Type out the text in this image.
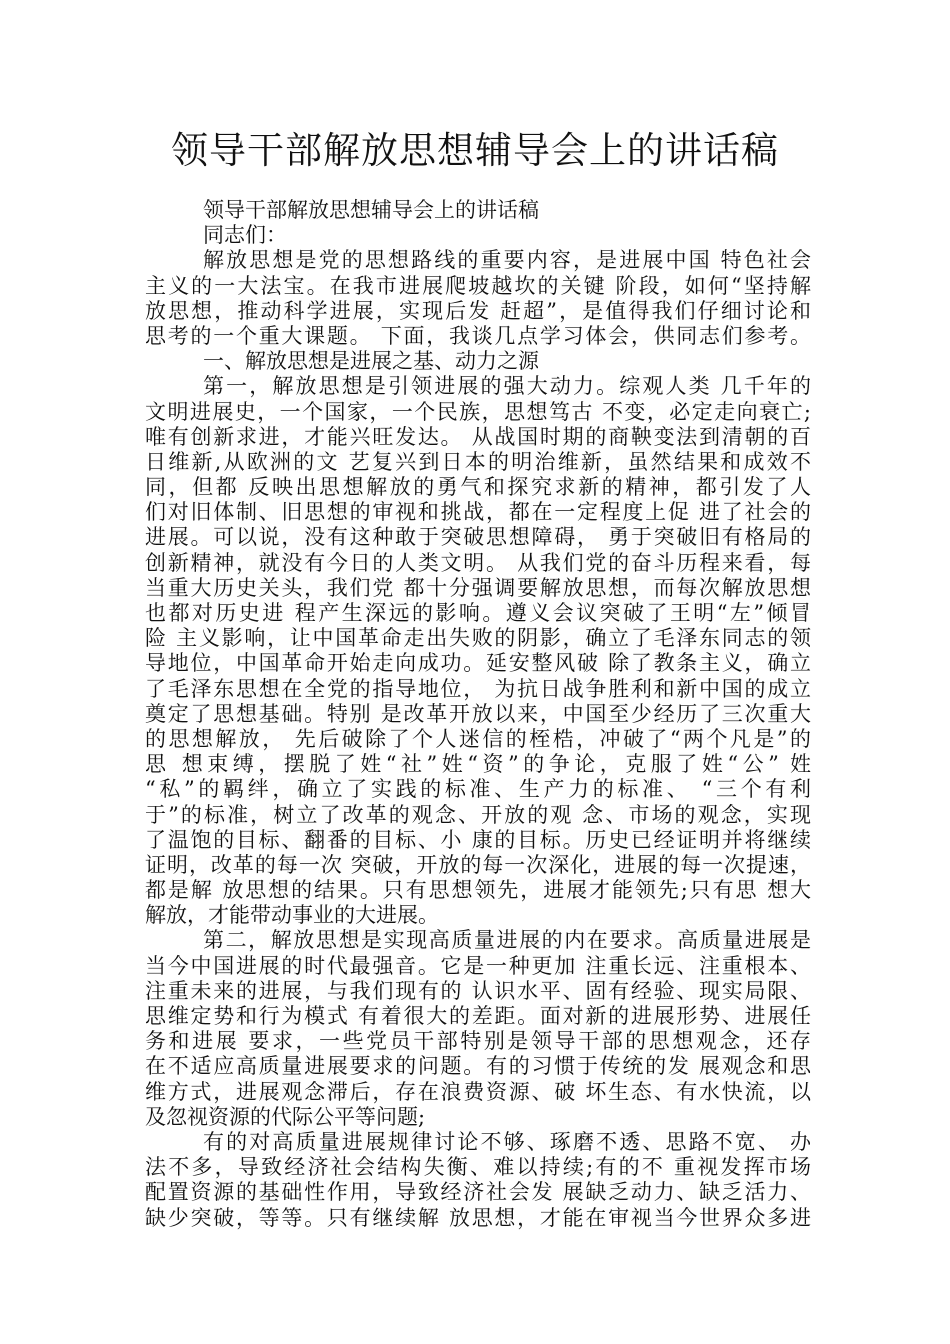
领导干部解放思想辅导会上的讲话稿
领导干部解放思想辅导会上的讲话稿
同志们：
解放思想是党的思想路线的重要内容，是进展中国 特色社会
主义的一大法宝。在我市进展爬坡越坎的关键 阶段，如何“坚持解
放思想，推动科学进展，实现后发 赶超”，是值得我们仔细讨论和
思考的一个重大课题。 下面，我谈几点学习体会，供同志们参考。
一、解放思想是进展之基、动力之源
第一，解放思想是引领进展的强大动力。综观人类 几千年的
文明进展史，一个国家，一个民族，思想笃古 不变，必定走向衰亡;
唯有创新求进，才能兴旺发达。 从战国时期的商鞅变法到清朝的百
日维新,从欧洲的文 艺复兴到日本的明治维新，虽然结果和成效不
同，但都 反映出思想解放的勇气和探究求新的精神，都引发了人
们对旧体制、旧思想的审视和挑战，都在一定程度上促 进了社会的
进展。可以说，没有这种敢于突破思想障碍， 勇于突破旧有格局的
创新精神，就没有今日的人类文明。 从我们党的奋斗历程来看，每
当重大历史关头，我们党 都十分强调要解放思想，而每次解放思想
也都对历史进 程产生深远的影响。遵义会议突破了王明“左”倾冒
险 主义影响，让中国革命走出失败的阴影，确立了毛泽东同志的领
导地位，中国革命开始走向成功。延安整风破 除了教条主义，确立
了毛泽东思想在全党的指导地位， 为抗日战争胜利和新中国的成立
奠定了思想基础。特别 是改革开放以来，中国至少经历了三次重大
的思想解放， 先后破除了个人迷信的桎梏，冲破了“两个凡是”的
思 想束缚，摆脱了姓“社”姓“资”的争论，克服了姓“公” 姓
“私”的羁绊，确立了实践的标准、生产力的标准、 “三个有利
于”的标准，树立了改革的观念、开放的观 念、市场的观念，实现
了温饱的目标、翻番的目标、小 康的目标。历史已经证明并将继续
证明，改革的每一次 突破，开放的每一次深化，进展的每一次提速，
都是解 放思想的结果。只有思想领先，进展才能领先;只有思 想大
解放，才能带动事业的大进展。
第二，解放思想是实现高质量进展的内在要求。高质量进展是
当今中国进展的时代最强音。它是一种更加 注重长远、注重根本、
注重未来的进展，与我们现有的 认识水平、固有经验、现实局限、
思维定势和行为模式 有着很大的差距。面对新的进展形势、进展任
务和进展 要求，一些党员干部特别是领导干部的思想观念，还存
在不适应高质量进展要求的问题。有的习惯于传统的发 展观念和思
维方式，进展观念滞后，存在浪费资源、破 坏生态、有水快流，以
及忽视资源的代际公平等问题;
有的对高质量进展规律讨论不够、琢磨不透、思路不宽、 办
法不多，导致经济社会结构失衡、难以持续;有的不 重视发挥市场
配置资源的基础性作用，导致经济社会发 展缺乏动力、缺乏活力、
缺少突破，等等。只有继续解 放思想，才能在审视当今世界众多进
